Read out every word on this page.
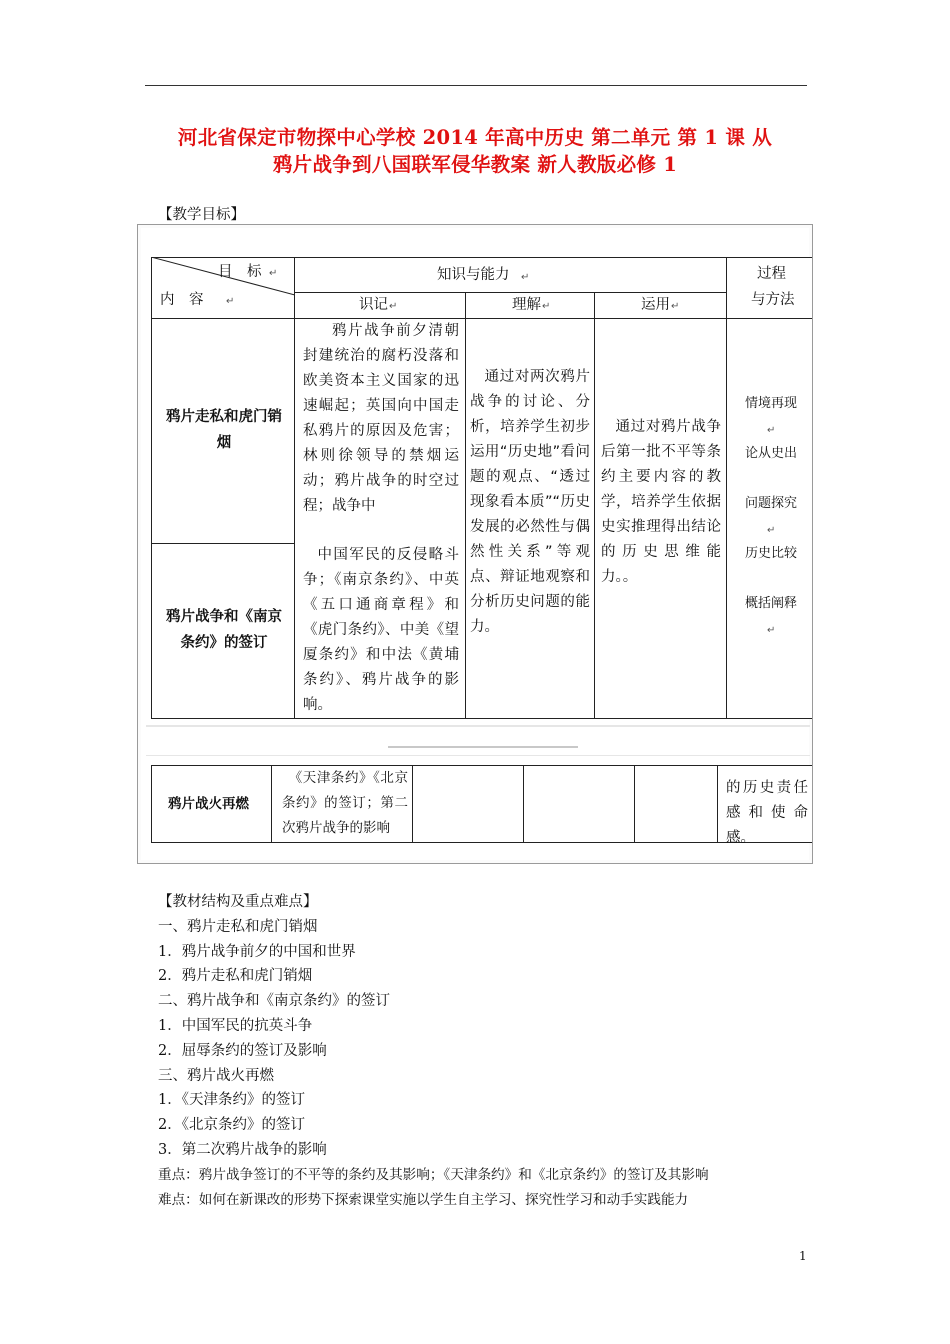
河北省保定市物探中心学校 2014 年高中历史 第二单元 第 1 课 从
鸦片战争到八国联军侵华教案 新人教版必修 1
【教学目标】
目　标 ↵
内　容 ↵
知识与能力 ↵
识记 ↵	理解 ↵	运用 ↵
过程
与方法
鸦片走私和虎门销烟
鸦片战争前夕清朝封建统治的腐朽没落和欧美资本主义国家的迅速崛起；英国向中国走私鸦片的原因及危害；林则徐领导的禁烟运动；鸦片战争的时空过程；战争中
鸦片战争和《南京条约》的签订
中国军民的反侵略斗争；《南京条约》、中英《五口通商章程》和《虎门条约》、中美《望厦条约》和中法《黄埔条约》、鸦片战争的影响。
通过对两次鸦片战争的讨论、分析，培养学生初步运用“历史地”看问题的观点、“透过现象看本质”“历史发展的必然性与偶然性关系”等观点、辩证地观察和分析历史问题的能力。
通过对鸦片战争后第一批不平等条约主要内容的教学，培养学生依据史实推理得出结论的历史思维能力。。
情境再现
↵
论从史出
问题探究
↵
历史比较
概括阐释
↵
鸦片战火再燃
《天津条约》《北京条约》的签订；第二次鸦片战争的影响
的历史责任感和使命感。
【教材结构及重点难点】
一、鸦片走私和虎门销烟
1．鸦片战争前夕的中国和世界
2．鸦片走私和虎门销烟
二、鸦片战争和《南京条约》的签订
1．中国军民的抗英斗争
2．屈辱条约的签订及影响
三、鸦片战火再燃
1．《天津条约》的签订
2．《北京条约》的签订
3．第二次鸦片战争的影响
重点：鸦片战争签订的不平等的条约及其影响；《天津条约》和《北京条约》的签订及其影响
难点：如何在新课改的形势下探索课堂实施以学生自主学习、探究性学习和动手实践能力
1
